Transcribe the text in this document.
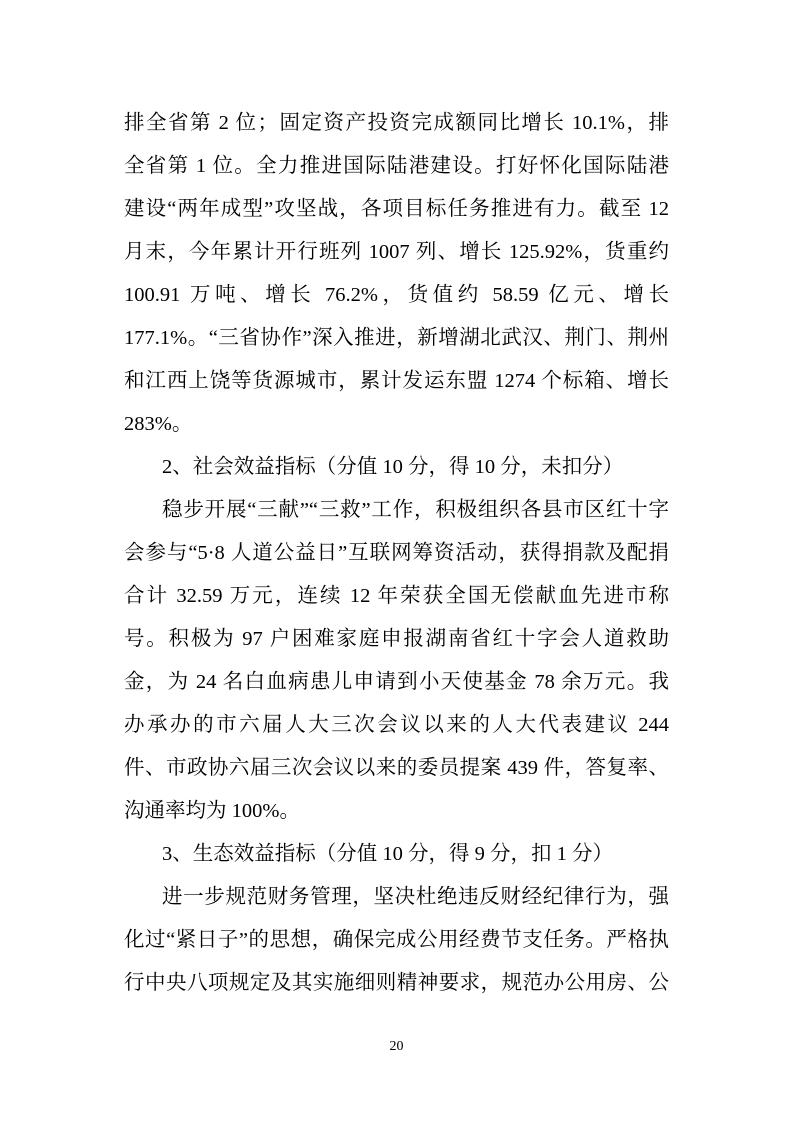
排全省第 2 位；固定资产投资完成额同比增长 10.1%，排
全省第 1 位。全力推进国际陆港建设。打好怀化国际陆港
建设“两年成型”攻坚战，各项目标任务推进有力。截至 12
月末，今年累计开行班列 1007 列、增长 125.92%，货重约
100.91 万吨、增长 76.2%，货值约 58.59 亿元、增长
177.1%。“三省协作”深入推进，新增湖北武汉、荆门、荆州
和江西上饶等货源城市，累计发运东盟 1274 个标箱、增长
283%。
2、社会效益指标（分值 10 分，得 10 分，未扣分）
稳步开展“三献”“三救”工作，积极组织各县市区红十字
会参与“5·8 人道公益日”互联网筹资活动，获得捐款及配捐
合计 32.59 万元，连续 12 年荣获全国无偿献血先进市称
号。积极为 97 户困难家庭申报湖南省红十字会人道救助
金，为 24 名白血病患儿申请到小天使基金 78 余万元。我
办承办的市六届人大三次会议以来的人大代表建议 244
件、市政协六届三次会议以来的委员提案 439 件，答复率、
沟通率均为 100%。
3、生态效益指标（分值 10 分，得 9 分，扣 1 分）
进一步规范财务管理，坚决杜绝违反财经纪律行为，强
化过“紧日子”的思想，确保完成公用经费节支任务。严格执
行中央八项规定及其实施细则精神要求，规范办公用房、公
20
